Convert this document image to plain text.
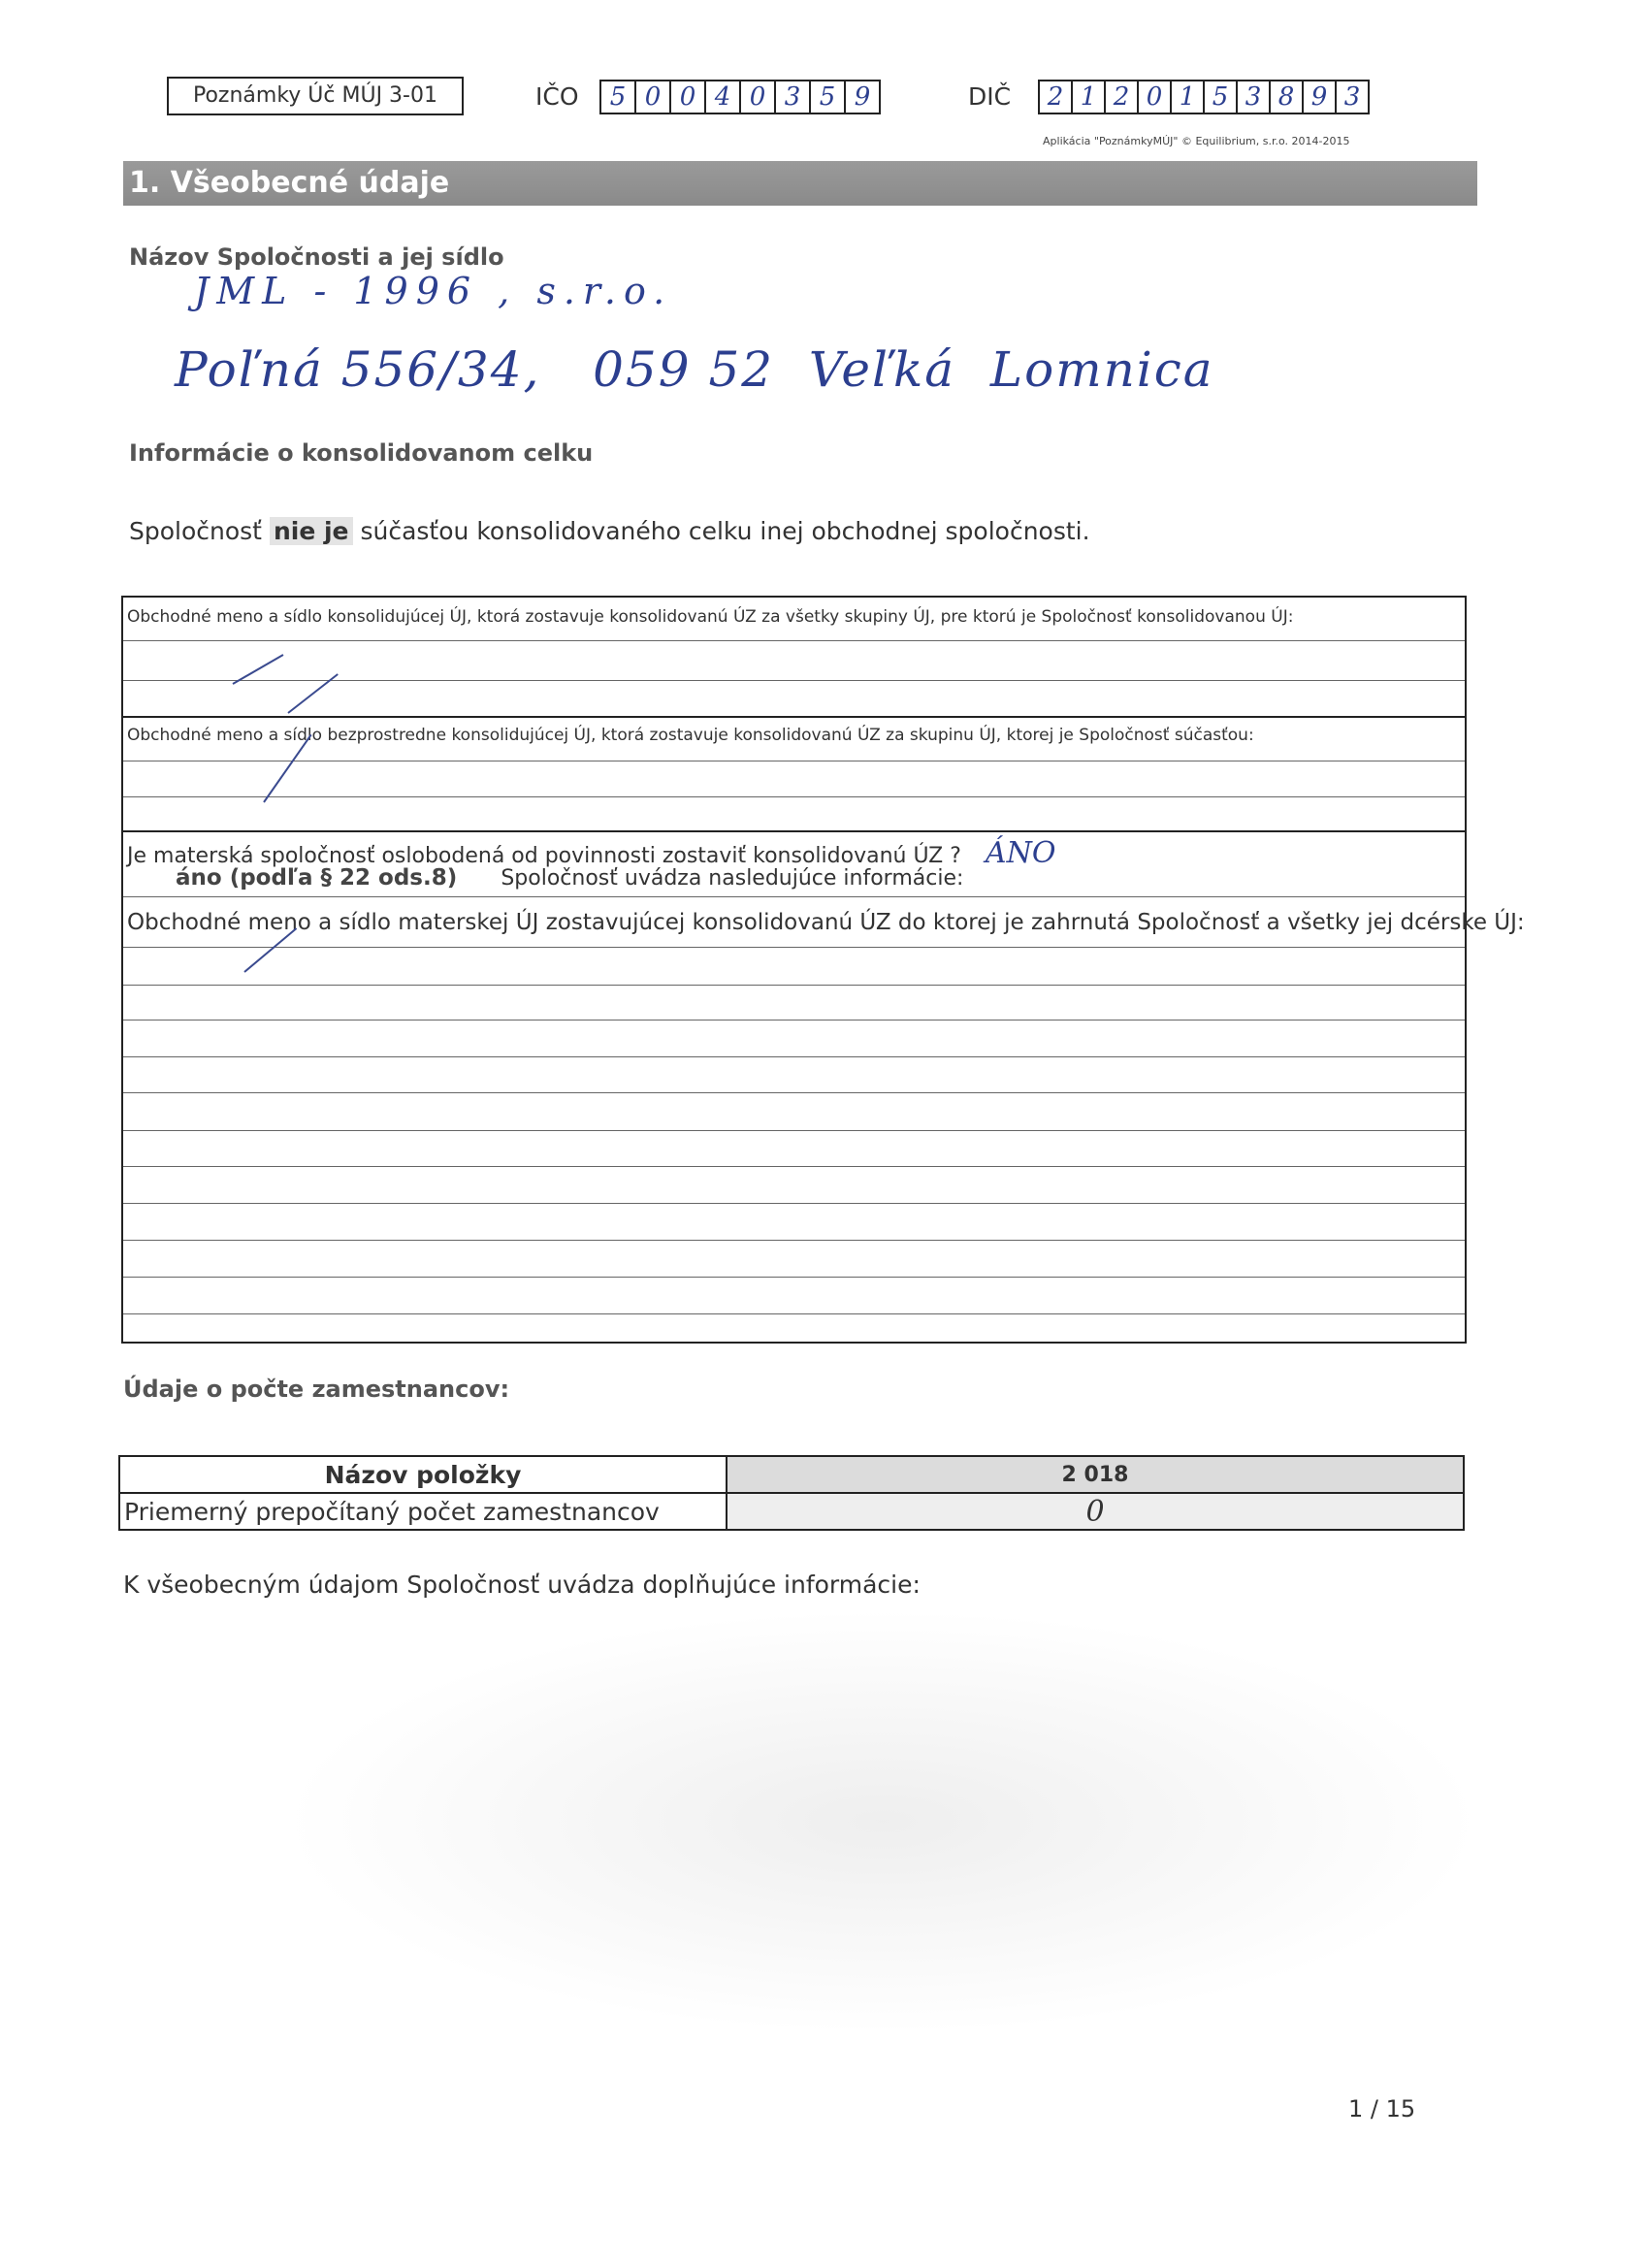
Poznámky Úč MÚJ 3-01	IČO	5 0 0 4 0 3 5 9	DIČ	2 1 2 0 1 5 3 8 9 3
Aplikácia "PoznámkyMÚJ" © Equilibrium, s.r.o. 2014-2015
1. Všeobecné údaje
Názov Spoločnosti a jej sídlo
JML - 1996 , s.r.o.
Poľná 556/34,   059 52  Veľká  Lomnica
Informácie o konsolidovanom celku
Spoločnosť nie je súčasťou konsolidovaného celku inej obchodnej spoločnosti.
Obchodné meno a sídlo konsolidujúcej ÚJ, ktorá zostavuje konsolidovanú ÚZ za všetky skupiny ÚJ, pre ktorú je Spoločnosť konsolidovanou ÚJ:
Obchodné meno a sídlo bezprostredne konsolidujúcej ÚJ, ktorá zostavuje konsolidovanú ÚZ za skupinu ÚJ, ktorej je Spoločnosť súčasťou:
Je materská spoločnosť oslobodená od povinnosti zostaviť konsolidovanú ÚZ ? ÁNO
áno (podľa § 22 ods.8) Spoločnosť uvádza nasledujúce informácie:
Obchodné meno a sídlo materskej ÚJ zostavujúcej konsolidovanú ÚZ do ktorej je zahrnutá Spoločnosť a všetky jej dcérske ÚJ:
Údaje o počte zamestnancov:
Názov položky	2 018
Priemerný prepočítaný počet zamestnancov	0
K všeobecným údajom Spoločnosť uvádza doplňujúce informácie:
1 / 15
